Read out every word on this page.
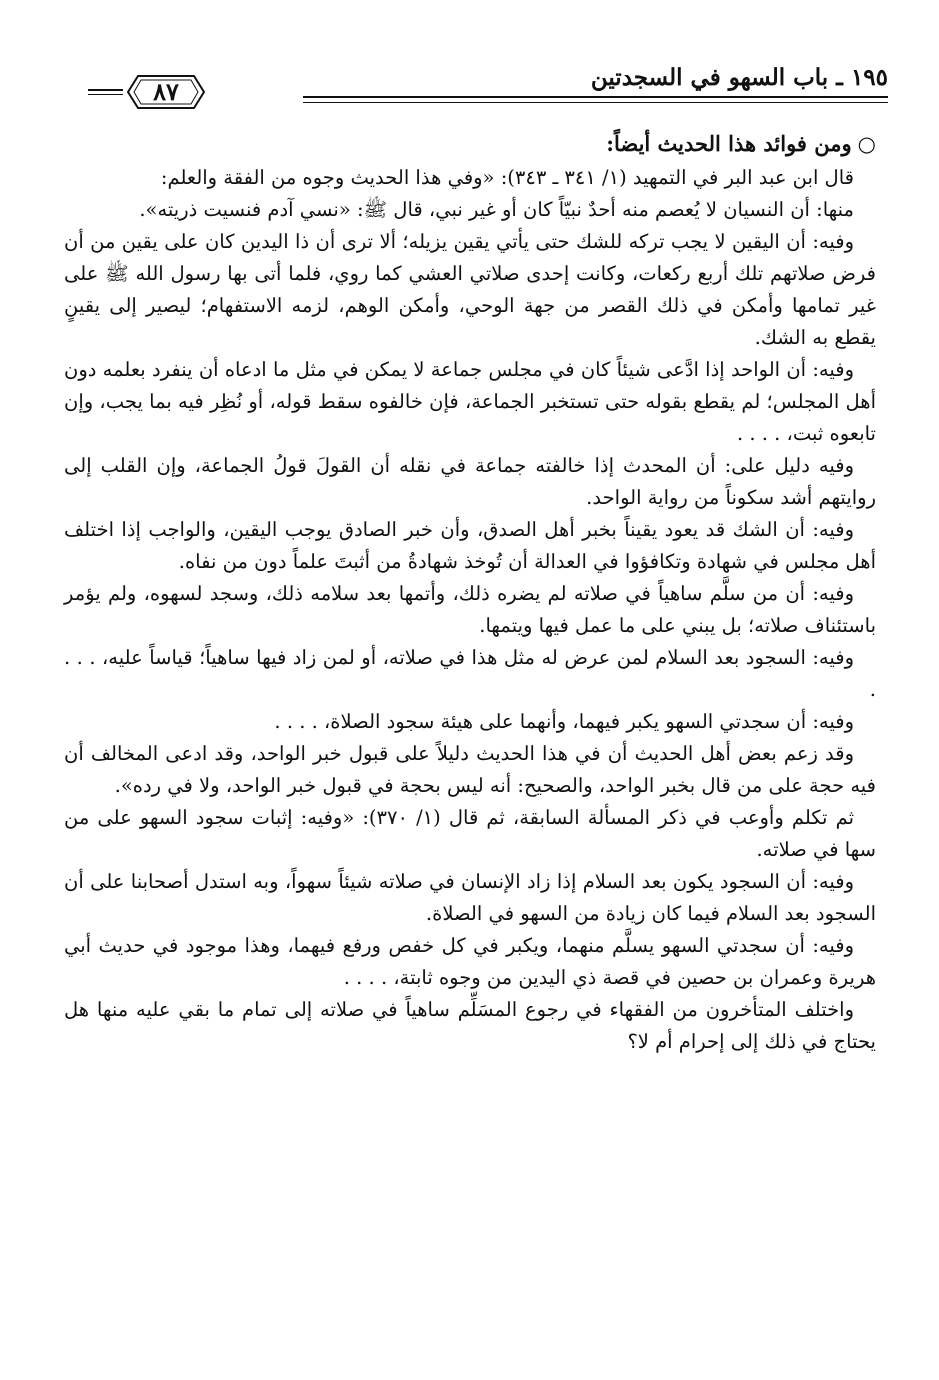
١٩٥ ـ باب السهو في السجدتين
٨٧

○ومن فوائد هذا الحديث أيضاً:

قال ابن عبد البر في التمهيد (١/ ٣٤١ ـ ٣٤٣): «وفي هذا الحديث وجوه من الفقة والعلم:

منها: أن النسيان لا يُعصم منه أحدٌ نبيّاً كان أو غير نبي، قال ﷺ: «نسي آدم فنسيت ذريته».

وفيه: أن اليقين لا يجب تركه للشك حتى يأتي يقين يزيله؛ ألا ترى أن ذا اليدين كان على يقين من أن فرض صلاتهم تلك أربع ركعات، وكانت إحدى صلاتي العشي كما روي، فلما أتى بها رسول الله ﷺ على غير تمامها وأمكن في ذلك القصر من جهة الوحي، وأمكن الوهم، لزمه الاستفهام؛ ليصير إلى يقينٍ يقطع به الشك.

وفيه: أن الواحد إذا ادَّعى شيئاً كان في مجلس جماعة لا يمكن في مثل ما ادعاه أن ينفرد بعلمه دون أهل المجلس؛ لم يقطع بقوله حتى تستخبر الجماعة، فإن خالفوه سقط قوله، أو نُظِر فيه بما يجب، وإن تابعوه ثبت، . . . .

وفيه دليل على: أن المحدث إذا خالفته جماعة في نقله أن القولَ قولُ الجماعة، وإن القلب إلى روايتهم أشد سكوناً من رواية الواحد.

وفيه: أن الشك قد يعود يقيناً بخبر أهل الصدق، وأن خبر الصادق يوجب اليقين، والواجب إذا اختلف أهل مجلس في شهادة وتكافؤوا في العدالة أن تُوخذ شهادةُ من أثبتَ علماً دون من نفاه.

وفيه: أن من سلَّم ساهياً في صلاته لم يضره ذلك، وأتمها بعد سلامه ذلك، وسجد لسهوه، ولم يؤمر باستئناف صلاته؛ بل يبني على ما عمل فيها ويتمها.

وفيه: السجود بعد السلام لمن عرض له مثل هذا في صلاته، أو لمن زاد فيها ساهياً؛ قياساً عليه، . . . .

وفيه: أن سجدتي السهو يكبر فيهما، وأنهما على هيئة سجود الصلاة، . . . .

وقد زعم بعض أهل الحديث أن في هذا الحديث دليلاً على قبول خبر الواحد، وقد ادعى المخالف أن فيه حجة على من قال بخبر الواحد، والصحيح: أنه ليس بحجة في قبول خبر الواحد، ولا في رده».

ثم تكلم وأوعب في ذكر المسألة السابقة، ثم قال (١/ ٣٧٠): «وفيه: إثبات سجود السهو على من سها في صلاته.

وفيه: أن السجود يكون بعد السلام إذا زاد الإنسان في صلاته شيئاً سهواً، وبه استدل أصحابنا على أن السجود بعد السلام فيما كان زيادة من السهو في الصلاة.

وفيه: أن سجدتي السهو يسلَّم منهما، ويكبر في كل خفص ورفع فيهما، وهذا موجود في حديث أبي هريرة وعمران بن حصين في قصة ذي اليدين من وجوه ثابتة، . . . .

واختلف المتأخرون من الفقهاء في رجوع المسَلِّم ساهياً في صلاته إلى تمام ما بقي عليه منها هل يحتاج في ذلك إلى إحرام أم لا؟
